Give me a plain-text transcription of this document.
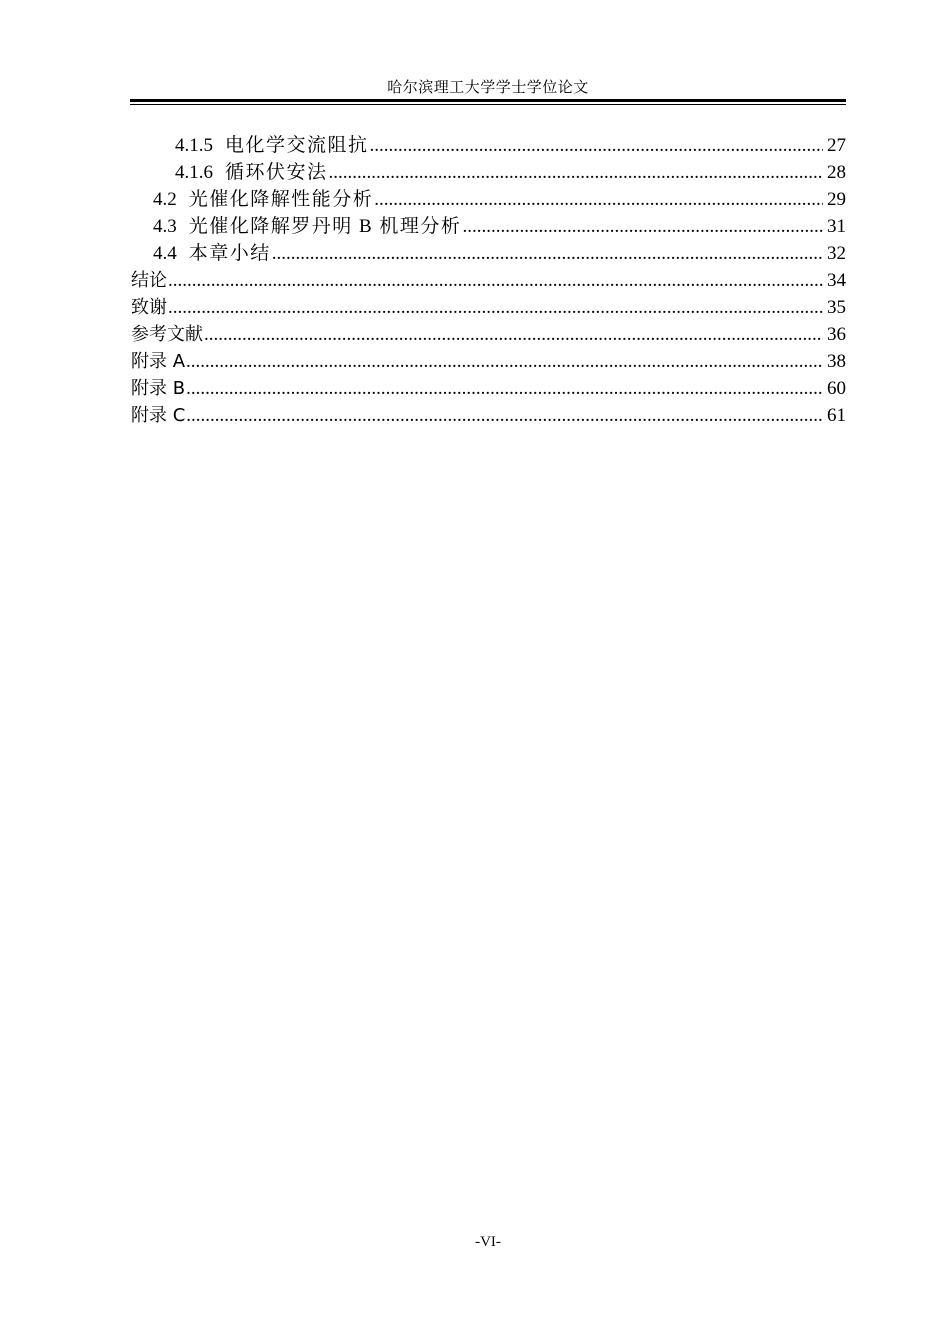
哈尔滨理工大学学士学位论文
4.1.5 电化学交流阻抗 .....	27
4.1.6 循环伏安法 .....	28
4.2 光催化降解性能分析 .....	29
4.3 光催化降解罗丹明 B 机理分析 .....	31
4.4 本章小结 .....	32
结论 .....	34
致谢 .....	35
参考文献 .....	36
附录 A .....	38
附录 B .....	60
附录 C .....	61
-VI-
